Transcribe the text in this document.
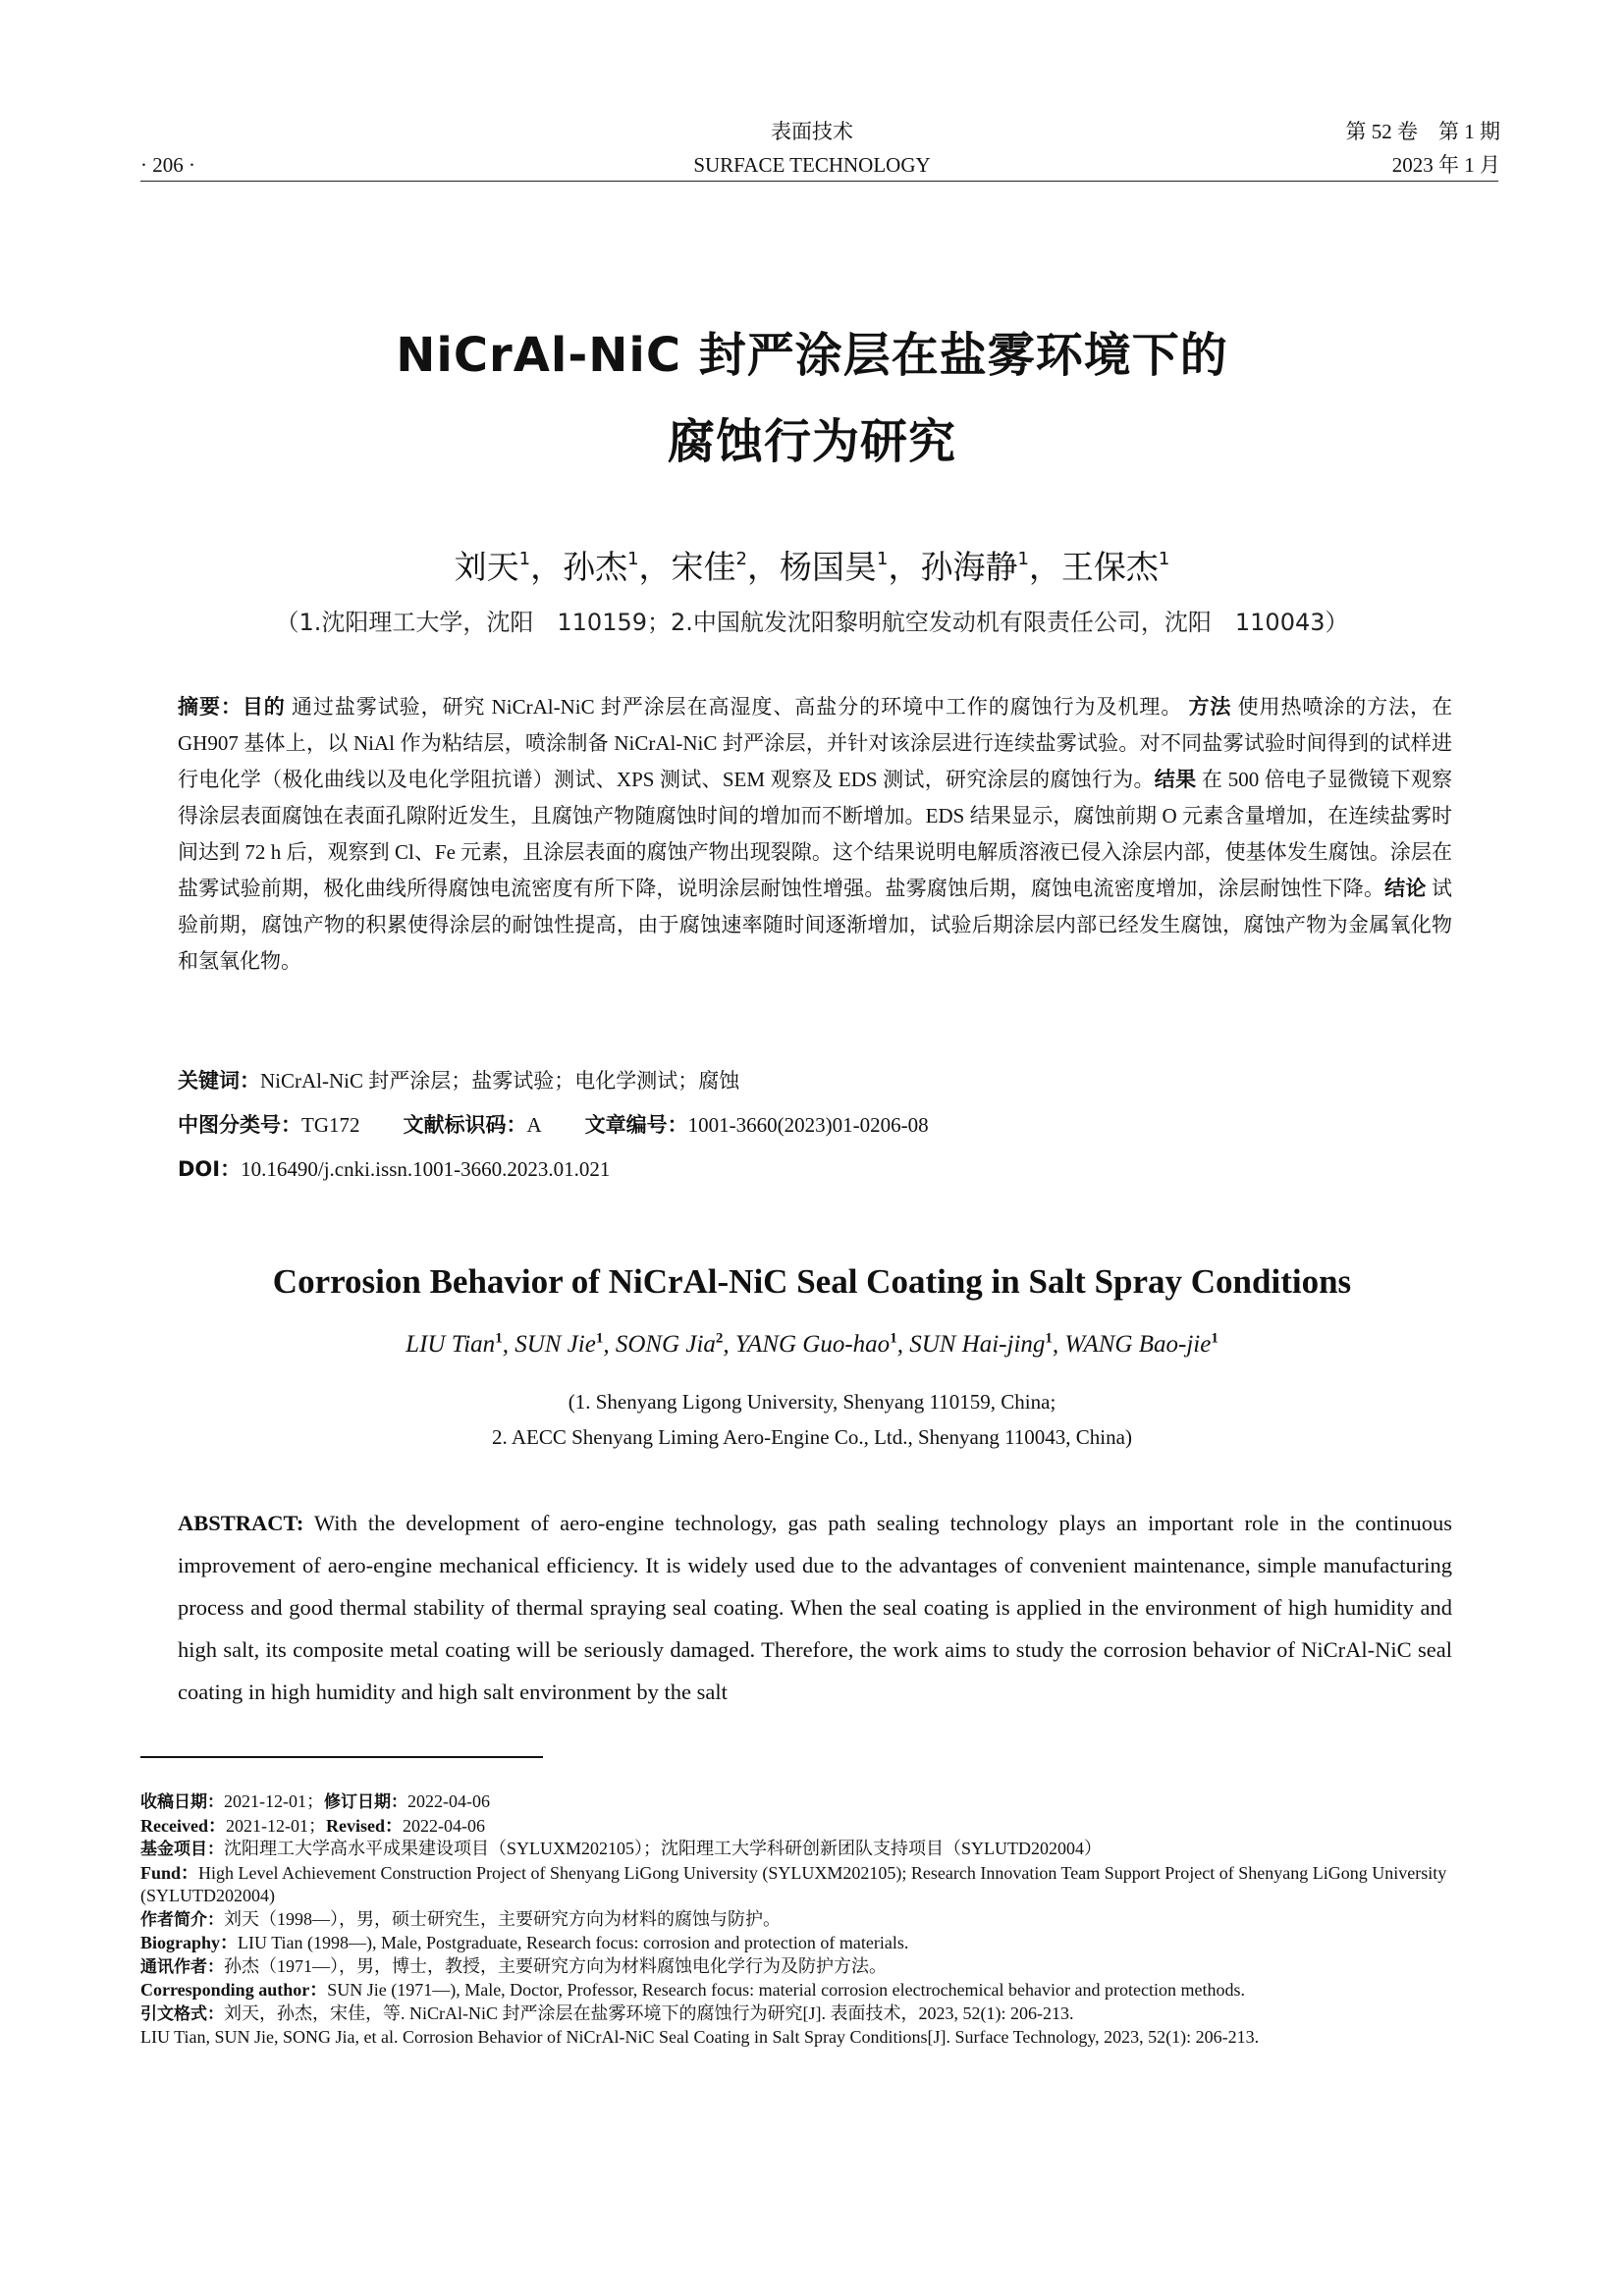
· 206 ·
表面技术
SURFACE TECHNOLOGY
第 52 卷　第 1 期
2023 年 1 月
NiCrAl-NiC 封严涂层在盐雾环境下的
腐蚀行为研究
刘天$^1$，孙杰$^1$，宋佳$^2$，杨国昊$^1$，孙海静$^1$，王保杰$^1$
（1.沈阳理工大学，沈阳　110159；2.中国航发沈阳黎明航空发动机有限责任公司，沈阳　110043）
摘要：目的 通过盐雾试验，研究 NiCrAl-NiC 封严涂层在高湿度、高盐分的环境中工作的腐蚀行为及机理。 方法 使用热喷涂的方法，在 GH907 基体上，以 NiAl 作为粘结层，喷涂制备 NiCrAl-NiC 封严涂层，并针对该涂层进行连续盐雾试验。对不同盐雾试验时间得到的试样进行电化学（极化曲线以及电化学阻抗谱）测试、XPS 测试、SEM 观察及 EDS 测试，研究涂层的腐蚀行为。结果 在 500 倍电子显微镜下观察得涂层表面腐蚀在表面孔隙附近发生，且腐蚀产物随腐蚀时间的增加而不断增加。EDS 结果显示，腐蚀前期 O 元素含量增加，在连续盐雾时间达到 72 h 后，观察到 Cl、Fe 元素，且涂层表面的腐蚀产物出现裂隙。这个结果说明电解质溶液已侵入涂层内部，使基体发生腐蚀。涂层在盐雾试验前期，极化曲线所得腐蚀电流密度有所下降，说明涂层耐蚀性增强。盐雾腐蚀后期，腐蚀电流密度增加，涂层耐蚀性下降。结论 试验前期，腐蚀产物的积累使得涂层的耐蚀性提高，由于腐蚀速率随时间逐渐增加，试验后期涂层内部已经发生腐蚀，腐蚀产物为金属氧化物和氢氧化物。
关键词：NiCrAl-NiC 封严涂层；盐雾试验；电化学测试；腐蚀
中图分类号：TG172 文献标识码：A 文章编号：1001-3660(2023)01-0206-08
DOI：10.16490/j.cnki.issn.1001-3660.2023.01.021
Corrosion Behavior of NiCrAl-NiC Seal Coating in Salt Spray Conditions
LIU Tian$^1$, SUN Jie$^1$, SONG Jia$^2$, YANG Guo-hao$^1$, SUN Hai-jing$^1$, WANG Bao-jie$^1$
(1. Shenyang Ligong University, Shenyang 110159, China;
2. AECC Shenyang Liming Aero-Engine Co., Ltd., Shenyang 110043, China)
ABSTRACT: With the development of aero-engine technology, gas path sealing technology plays an important role in the continuous improvement of aero-engine mechanical efficiency. It is widely used due to the advantages of convenient maintenance, simple manufacturing process and good thermal stability of thermal spraying seal coating. When the seal coating is applied in the environment of high humidity and high salt, its composite metal coating will be seriously damaged. Therefore, the work aims to study the corrosion behavior of NiCrAl-NiC seal coating in high humidity and high salt environment by the salt

收稿日期：2021-12-01；修订日期：2022-04-06

Received：2021-12-01；Revised：2022-04-06

基金项目：沈阳理工大学高水平成果建设项目（SYLUXM202105）；沈阳理工大学科研创新团队支持项目（SYLUTD202004）

Fund：High Level Achievement Construction Project of Shenyang LiGong University (SYLUXM202105); Research Innovation Team Support Project of Shenyang LiGong University (SYLUTD202004)

作者简介：刘天（1998—），男，硕士研究生，主要研究方向为材料的腐蚀与防护。

Biography：LIU Tian (1998—), Male, Postgraduate, Research focus: corrosion and protection of materials.

通讯作者：孙杰（1971—），男，博士，教授，主要研究方向为材料腐蚀电化学行为及防护方法。

Corresponding author：SUN Jie (1971—), Male, Doctor, Professor, Research focus: material corrosion electrochemical behavior and protection methods.

引文格式：刘天，孙杰，宋佳，等. NiCrAl-NiC 封严涂层在盐雾环境下的腐蚀行为研究[J]. 表面技术，2023, 52(1): 206-213.

LIU Tian, SUN Jie, SONG Jia, et al. Corrosion Behavior of NiCrAl-NiC Seal Coating in Salt Spray Conditions[J]. Surface Technology, 2023, 52(1): 206-213.
